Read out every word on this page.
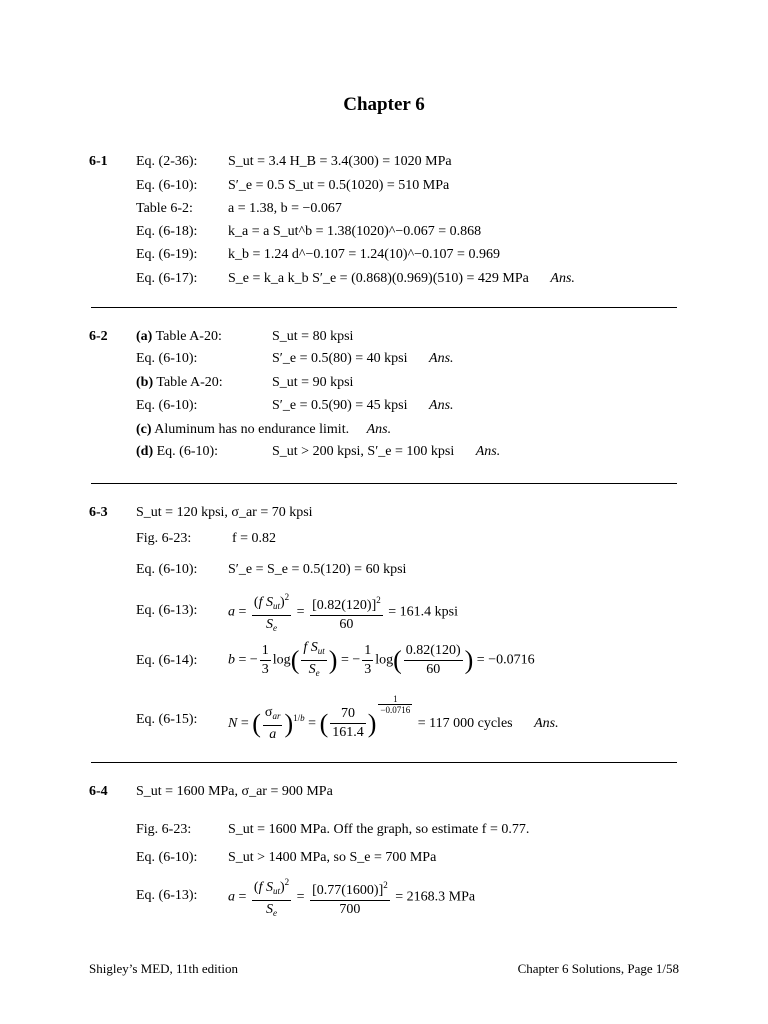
Chapter 6
6-1 Eq. (2-36): S_ut = 3.4 H_B = 3.4(300) = 1020 MPa
Eq. (6-10): S′_e = 0.5 S_ut = 0.5(1020) = 510 MPa
Table 6-2:	a = 1.38, b = −0.067
Eq. (6-18): k_a = a S_ut^b = 1.38(1020)^−0.067 = 0.868
Eq. (6-19): k_b = 1.24 d^−0.107 = 1.24(10)^−0.107 = 0.969
Eq. (6-17): S_e = k_a k_b S′_e = (0.868)(0.969)(510) = 429 MPa Ans.
6-2 (a) Table A-20:	S_ut = 80 kpsi
Eq. (6-10):	S′_e = 0.5(80) = 40 kpsi Ans.
(b) Table A-20:	S_ut = 90 kpsi
Eq. (6-10):	S′_e = 0.5(90) = 45 kpsi Ans.
(c) Aluminum has no endurance limit. Ans.
(d) Eq. (6-10):	S_ut > 200 kpsi, S′_e = 100 kpsi Ans.
6-3 S_ut = 120 kpsi, σ_ar = 70 kpsi
Fig. 6-23:	f = 0.82
Eq. (6-10): S′_e = S_e = 0.5(120) = 60 kpsi
Eq. (6-13): $a = \frac{(f S_{ut})^2}{S_e} = \frac{[0.82(120)]^2}{60} = 161.4$ kpsi
Eq. (6-14): b = − $\frac{1}{3} \log( \frac{f S_{ut}}{S_e}$ ) = − $\frac{1}{3} \log( \frac{0.82(120)}{60}$ ) = −0.0716
Eq. (6-15): N = ( $\frac{\sigma_{ar}}{a} )^{1/b}$ = ( $\frac{70}{161.4}$ )
$\frac{1}{-0.0716}$
= 117 000 cycles Ans.
6-4 S_ut = 1600 MPa, σ_ar = 900 MPa
Fig. 6-23:	S_ut = 1600 MPa. Off the graph, so estimate f = 0.77.
Eq. (6-10): S_ut > 1400 MPa, so S_e = 700 MPa
Eq. (6-13): $a = \frac{(f S_{ut})^2}{S_e} = \frac{[0.77(1600)]^2}{700} = 2168.3$ MPa
Shigley’s MED, 11th edition	Chapter 6 Solutions, Page 1/58
